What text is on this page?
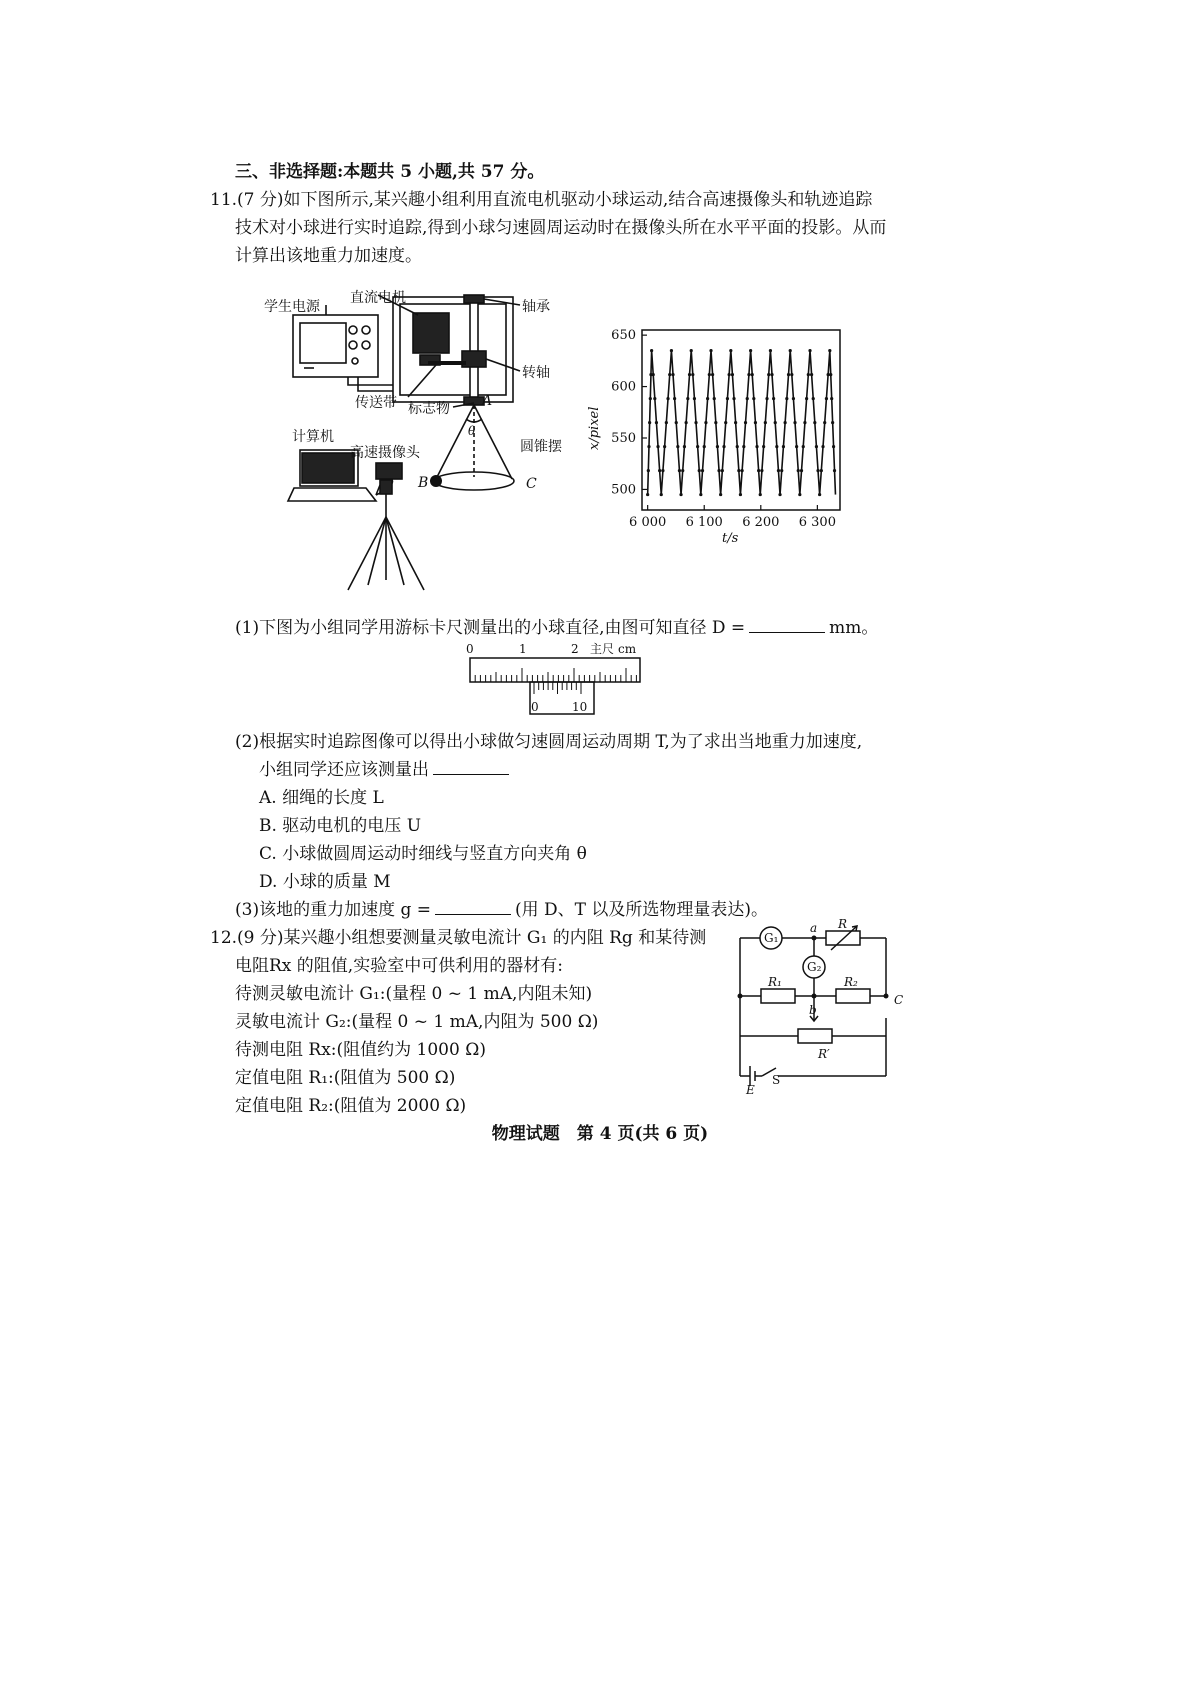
三、非选择题:本题共 5 小题,共 57 分。
11.(7 分)如下图所示,某兴趣小组利用直流电机驱动小球运动,结合高速摄像头和轨迹追踪
技术对小球进行实时追踪,得到小球匀速圆周运动时在摄像头所在水平平面的投影。从而
计算出该地重力加速度。
直流电机
学生电源	轴承
转轴
传送带 标志物 A
θ
圆锥摆
计算机
高速摄像头
B	C
6 000 6 100 6 200 6 300
500
550
600
650
x/pixel
t/s
(1)下图为小组同学用游标卡尺测量出的小球直径,由图可知直径 D =	mm。
0	1	2 主尺 cm
0	10
(2)根据实时追踪图像可以得出小球做匀速圆周运动周期 T,为了求出当地重力加速度,
小组同学还应该测量出
A. 细绳的长度 L
B. 驱动电机的电压 U
C. 小球做圆周运动时细线与竖直方向夹角 θ
D. 小球的质量 M
(3)该地的重力加速度 g =	(用 D、T 以及所选物理量表达)。
12.(9 分)某兴趣小组想要测量灵敏电流计 G₁ 的内阻 Rg 和某待测
电阻Rx 的阻值,实验室中可供利用的器材有:
待测灵敏电流计 G₁:(量程 0 ~ 1 mA,内阻未知)
灵敏电流计 G₂:(量程 0 ~ 1 mA,内阻为 500 Ω)
待测电阻 Rx:(阻值约为 1000 Ω)
定值电阻 R₁:(阻值为 500 Ω)
定值电阻 R₂:(阻值为 2000 Ω)
G₁
G₂
R
R₁	R₂
R′
a
b
C
E
S
物理试题　第 4 页(共 6 页)
